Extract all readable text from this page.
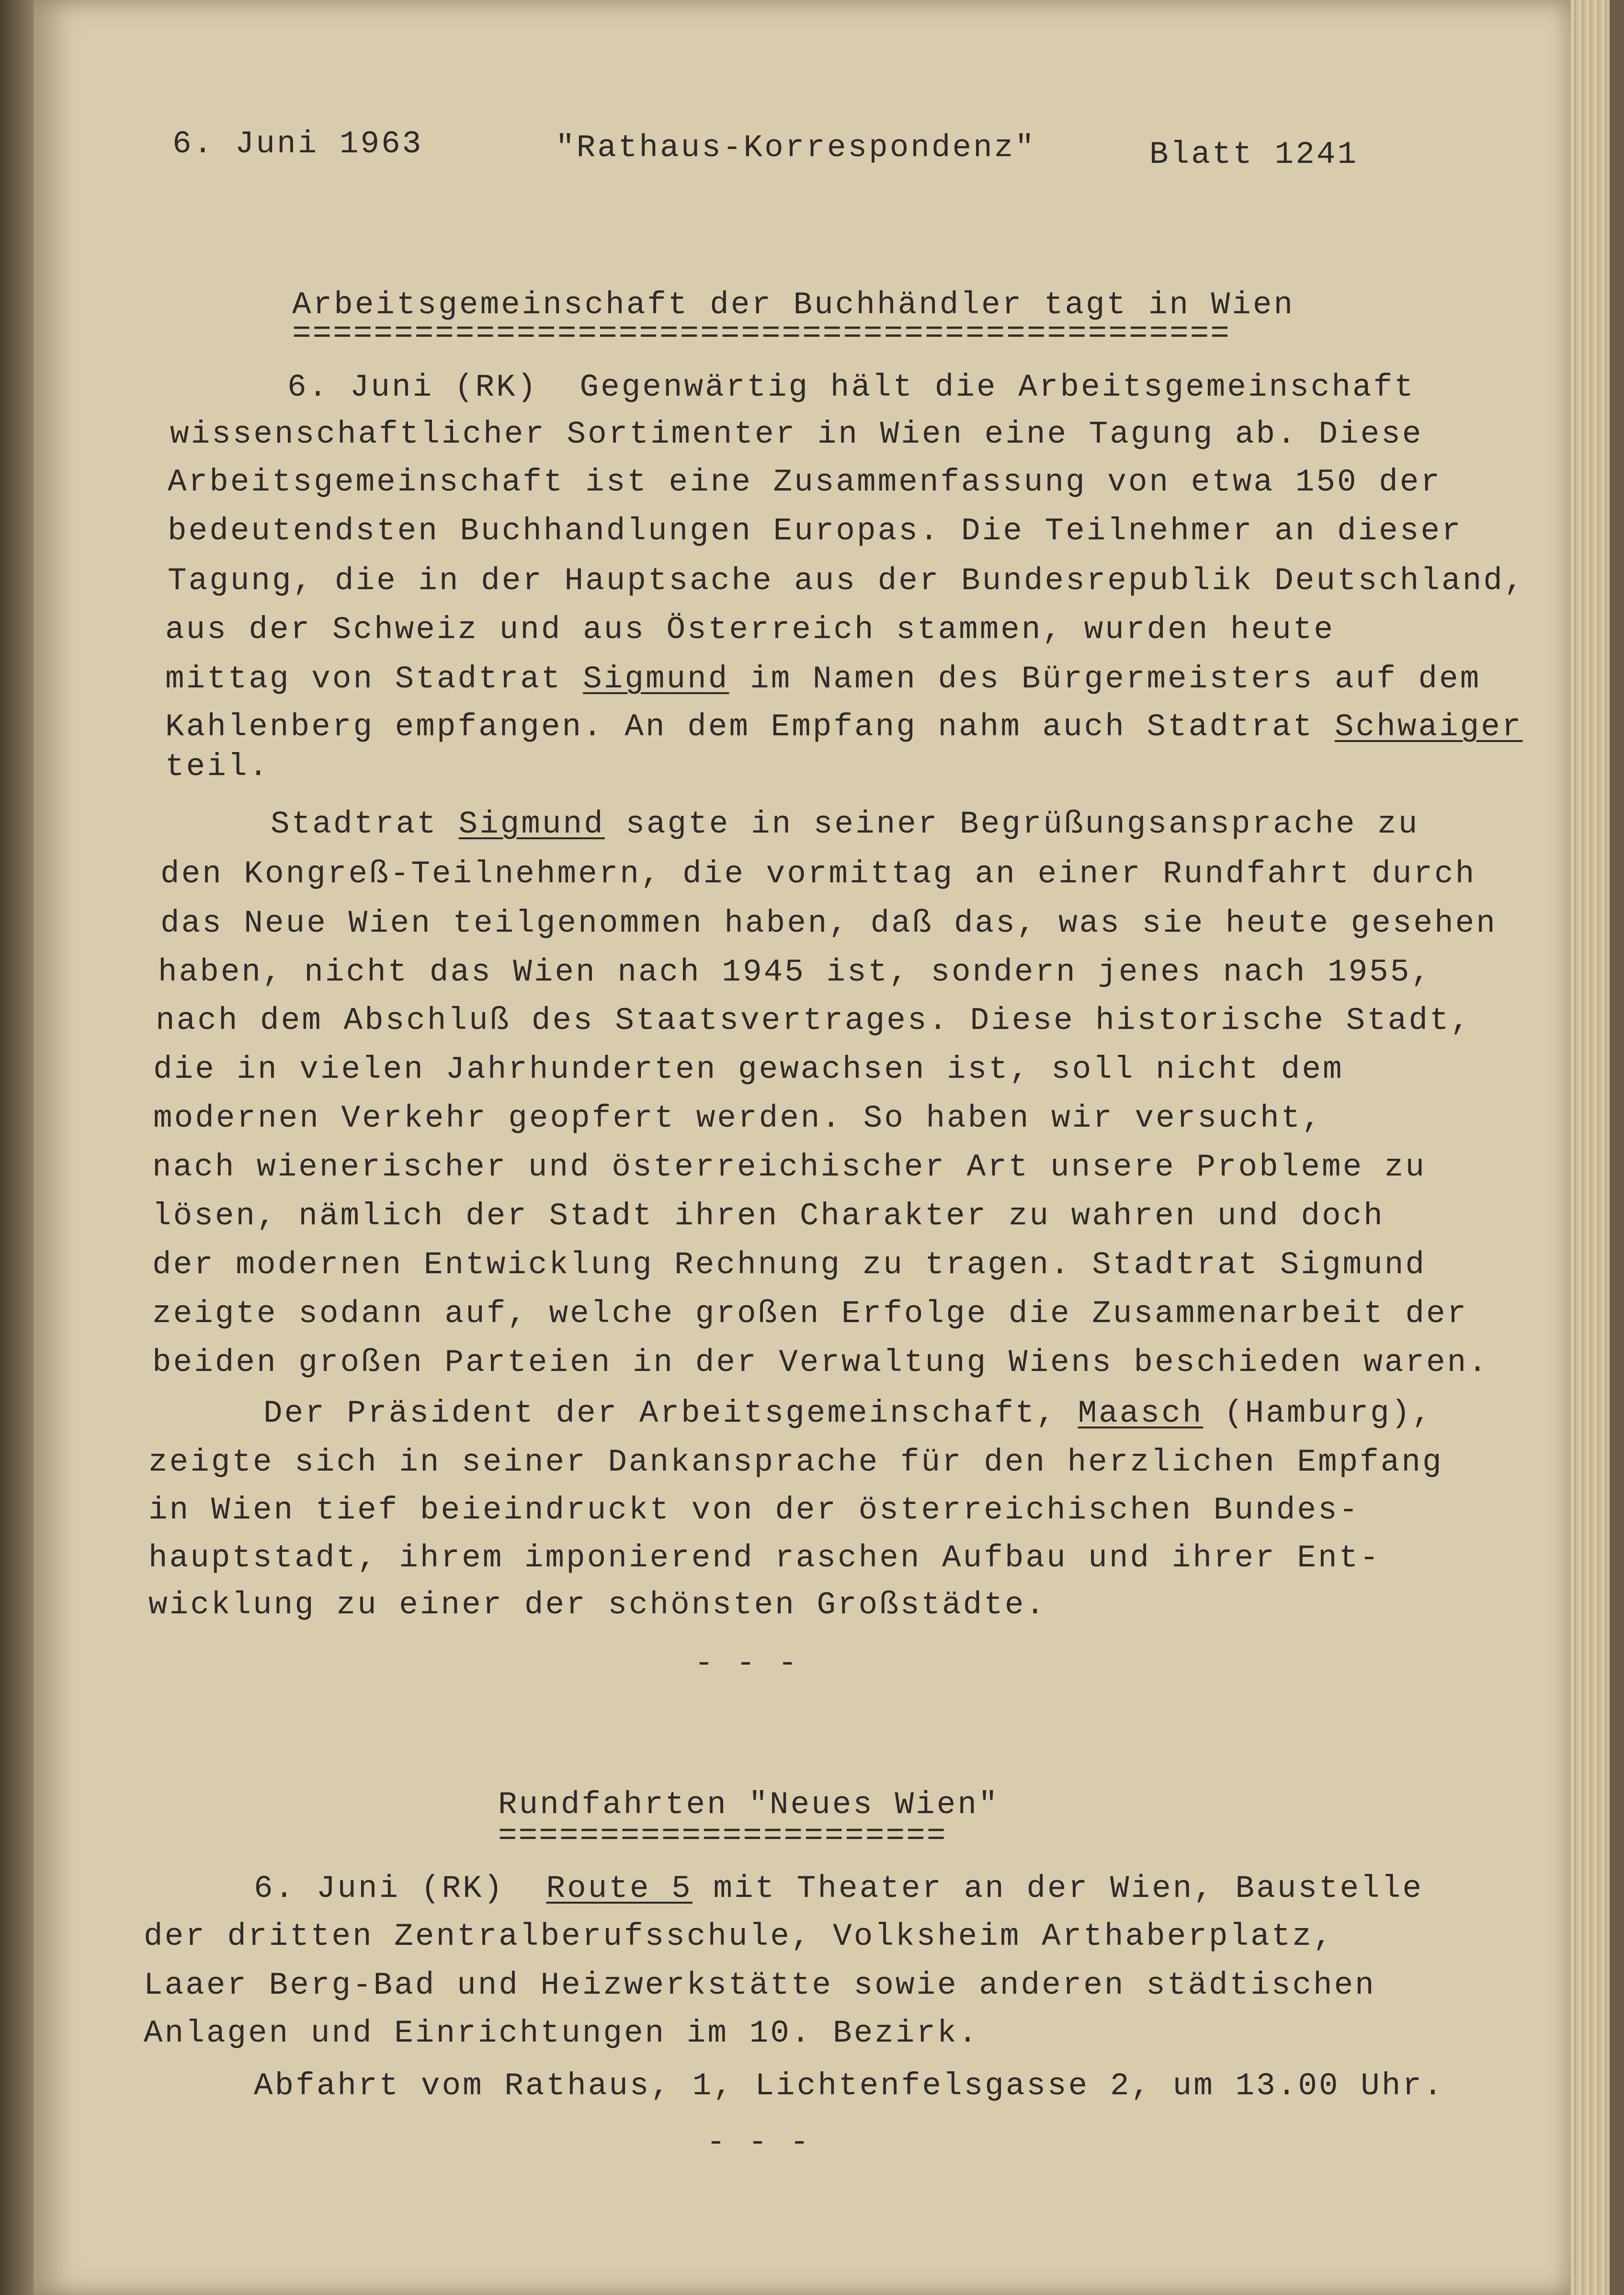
6. Juni 1963	"Rathaus-Korrespondenz"	Blatt 1241
Arbeitsgemeinschaft der Buchhändler tagt in Wien
==============================================
6. Juni (RK)  Gegenwärtig hält die Arbeitsgemeinschaft
wissenschaftlicher Sortimenter in Wien eine Tagung ab. Diese
Arbeitsgemeinschaft ist eine Zusammenfassung von etwa 150 der
bedeutendsten Buchhandlungen Europas. Die Teilnehmer an dieser
Tagung, die in der Hauptsache aus der Bundesrepublik Deutschland,
aus der Schweiz und aus Österreich stammen, wurden heute
mittag von Stadtrat Sigmund im Namen des Bürgermeisters auf dem
Kahlenberg empfangen. An dem Empfang nahm auch Stadtrat Schwaiger
teil.
Stadtrat Sigmund sagte in seiner Begrüßungsansprache zu
den Kongreß-Teilnehmern, die vormittag an einer Rundfahrt durch
das Neue Wien teilgenommen haben, daß das, was sie heute gesehen
haben, nicht das Wien nach 1945 ist, sondern jenes nach 1955,
nach dem Abschluß des Staatsvertrages. Diese historische Stadt,
die in vielen Jahrhunderten gewachsen ist, soll nicht dem
modernen Verkehr geopfert werden. So haben wir versucht,
nach wienerischer und österreichischer Art unsere Probleme zu
lösen, nämlich der Stadt ihren Charakter zu wahren und doch
der modernen Entwicklung Rechnung zu tragen. Stadtrat Sigmund
zeigte sodann auf, welche großen Erfolge die Zusammenarbeit der
beiden großen Parteien in der Verwaltung Wiens beschieden waren.
Der Präsident der Arbeitsgemeinschaft, Maasch (Hamburg),
zeigte sich in seiner Dankansprache für den herzlichen Empfang
in Wien tief beieindruckt von der österreichischen Bundes-
hauptstadt, ihrem imponierend raschen Aufbau und ihrer Ent-
wicklung zu einer der schönsten Großstädte.
- - -
Rundfahrten "Neues Wien"
======================
6. Juni (RK)  Route 5 mit Theater an der Wien, Baustelle
der dritten Zentralberufsschule, Volksheim Arthaberplatz,
Laaer Berg-Bad und Heizwerkstätte sowie anderen städtischen
Anlagen und Einrichtungen im 10. Bezirk.
Abfahrt vom Rathaus, 1, Lichtenfelsgasse 2, um 13.00 Uhr.
- - -
